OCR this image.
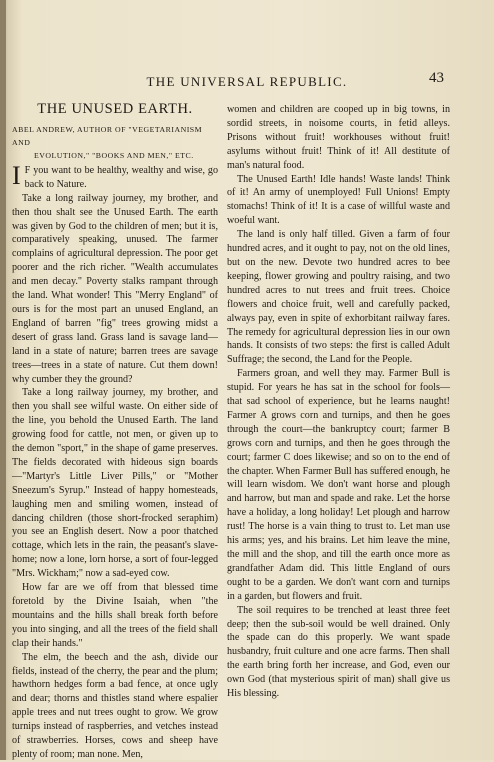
THE UNIVERSAL REPUBLIC.	43
THE UNUSED EARTH.
ABEL ANDREW, AUTHOR OF "VEGETARIANISM AND
EVOLUTION," "BOOKS AND MEN," ETC.

I F you want to be healthy, wealthy and wise, go back to Nature.

Take a long railway journey, my brother, and then thou shalt see the Unused Earth. The earth was given by God to the children of men; but it is, comparatively speaking, unused. The farmer complains of agricultural depression. The poor get poorer and the rich richer. "Wealth accumulates and men decay." Poverty stalks rampant through the land. What wonder! This "Merry England" of ours is for the most part an unused England, an England of barren "fig" trees growing midst a desert of grass land. Grass land is savage land—land in a state of nature; barren trees are savage trees—trees in a state of nature. Cut them down! why cumber they the ground?

Take a long railway journey, my brother, and then you shall see wilful waste. On either side of the line, you behold the Unused Earth. The land growing food for cattle, not men, or given up to the demon "sport," in the shape of game preserves. The fields decorated with hideous sign boards—"Martyr's Little Liver Pills," or "Mother Sneezum's Syrup." Instead of happy homesteads, laughing men and smiling women, instead of dancing children (those short-frocked seraphim) you see an English desert. Now a poor thatched cottage, which lets in the rain, the peasant's slave-home; now a lone, lorn horse, a sort of four-legged "Mrs. Wickham;" now a sad-eyed cow.

How far are we off from that blessed time foretold by the Divine Isaiah, when "the mountains and the hills shall break forth before you into singing, and all the trees of the field shall clap their hands."

The elm, the beech and the ash, divide our fields, instead of the cherry, the pear and the plum; hawthorn hedges form a bad fence, at once ugly and dear; thorns and thistles stand where espalier apple trees and nut trees ought to grow. We grow turnips instead of raspberries, and vetches instead of strawberries. Horses, cows and sheep have plenty of room; man none. Men,

women and children are cooped up in big towns, in sordid streets, in noisome courts, in fetid alleys. Prisons without fruit! workhouses without fruit! asylums without fruit! Think of it! All destitute of man's natural food.

The Unused Earth! Idle hands! Waste lands! Think of it! An army of unemployed! Full Unions! Empty stomachs! Think of it! It is a case of willful waste and woeful want.

The land is only half tilled. Given a farm of four hundred acres, and it ought to pay, not on the old lines, but on the new. Devote two hundred acres to bee keeping, flower growing and poultry raising, and two hundred acres to nut trees and fruit trees. Choice flowers and choice fruit, well and carefully packed, always pay, even in spite of exhorbitant railway fares. The remedy for agricultural depression lies in our own hands. It consists of two steps: the first is called Adult Suffrage; the second, the Land for the People.

Farmers groan, and well they may. Farmer Bull is stupid. For years he has sat in the school for fools—that sad school of experience, but he learns naught! Farmer A grows corn and turnips, and then he goes through the court—the bankruptcy court; farmer B grows corn and turnips, and then he goes through the court; farmer C does likewise; and so on to the end of the chapter. When Farmer Bull has suffered enough, he will learn wisdom. We don't want horse and plough and harrow, but man and spade and rake. Let the horse have a holiday, a long holiday! Let plough and harrow rust! The horse is a vain thing to trust to. Let man use his arms; yes, and his brains. Let him leave the mine, the mill and the shop, and till the earth once more as grandfather Adam did. This little England of ours ought to be a garden. We don't want corn and turnips in a garden, but flowers and fruit.

The soil requires to be trenched at least three feet deep; then the sub-soil would be well drained. Only the spade can do this properly. We want spade husbandry, fruit culture and one acre farms. Then shall the earth bring forth her increase, and God, even our own God (that mysterious spirit of man) shall give us His blessing.
